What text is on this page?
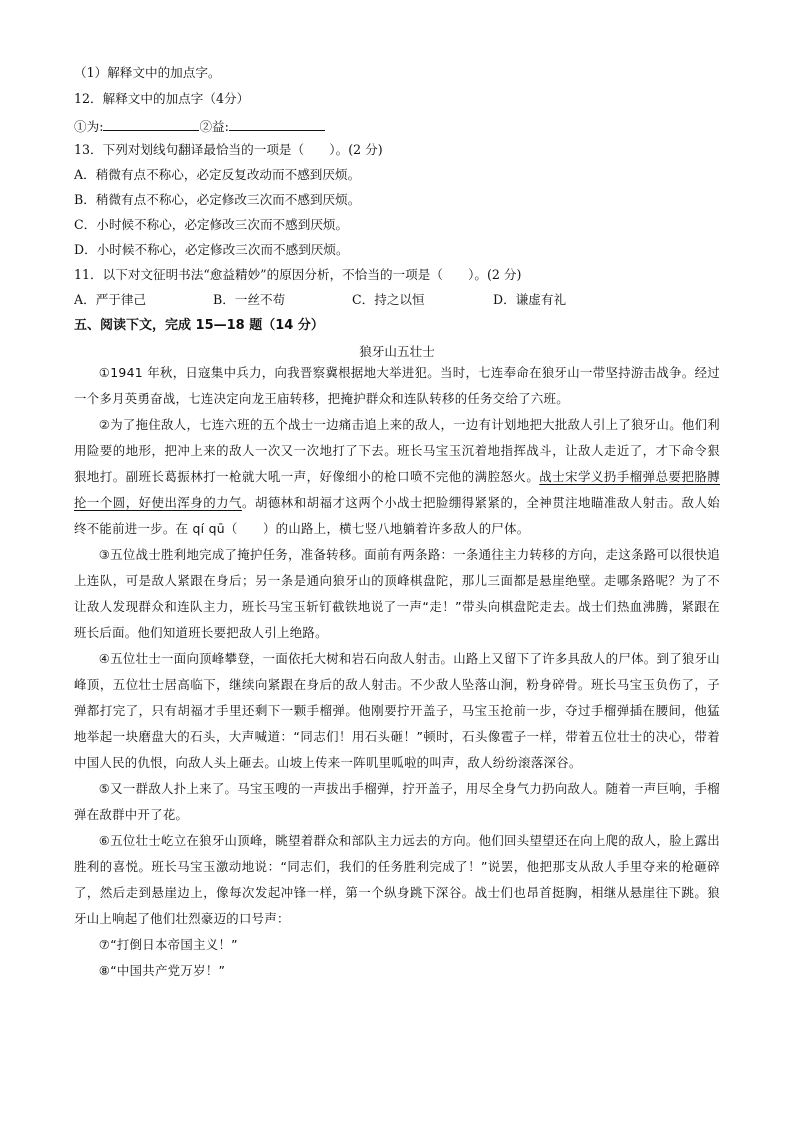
（1）解释文中的加点字。
12．解释文中的加点字（4分）
①为:	②益:
13．下列对划线句翻译最恰当的一项是（　　）。(2 分)
A．稍微有点不称心，必定反复改动而不感到厌烦。
B．稍微有点不称心，必定修改三次而不感到厌烦。
C．小时候不称心，必定修改三次而不感到厌烦。
D．小时候不称心，必定修改三次而不感到厌烦。
11．以下对文征明书法“愈益精妙”的原因分析，不恰当的一项是（　　）。(2 分)
A．严于律己	B．一丝不苟	C．持之以恒	D．谦虚有礼
五、阅读下文，完成 15—18 题（14 分）
狼牙山五壮士

①1941 年秋，日寇集中兵力，向我晋察冀根据地大举进犯。当时，七连奉命在狼牙山一带坚持游击战争。经过一个多月英勇奋战，七连决定向龙王庙转移，把掩护群众和连队转移的任务交给了六班。

②为了拖住敌人，七连六班的五个战士一边痛击追上来的敌人，一边有计划地把大批敌人引上了狼牙山。他们利用险要的地形，把冲上来的敌人一次又一次地打了下去。班长马宝玉沉着地指挥战斗，让敌人走近了，才下命令狠狠地打。副班长葛振林打一枪就大吼一声，好像细小的枪口喷不完他的满腔怒火。战士宋学义扔手榴弹总要把胳膊抡一个圆，好使出浑身的力气。胡德林和胡福才这两个小战士把脸绷得紧紧的，全神贯注地瞄准敌人射击。敌人始终不能前进一步。在 qí qū（　　）的山路上，横七竖八地躺着许多敌人的尸体。

③五位战士胜利地完成了掩护任务，准备转移。面前有两条路：一条通往主力转移的方向，走这条路可以很快追上连队，可是敌人紧跟在身后；另一条是通向狼牙山的顶峰棋盘陀，那儿三面都是悬崖绝壁。走哪条路呢？为了不让敌人发现群众和连队主力，班长马宝玉斩钉截铁地说了一声“走！”带头向棋盘陀走去。战士们热血沸腾，紧跟在班长后面。他们知道班长要把敌人引上绝路。

④五位壮士一面向顶峰攀登，一面依托大树和岩石向敌人射击。山路上又留下了许多具敌人的尸体。到了狼牙山峰顶，五位壮士居高临下，继续向紧跟在身后的敌人射击。不少敌人坠落山涧，粉身碎骨。班长马宝玉负伤了，子弹都打完了，只有胡福才手里还剩下一颗手榴弹。他刚要拧开盖子，马宝玉抢前一步，夺过手榴弹插在腰间，他猛地举起一块磨盘大的石头，大声喊道：“同志们！用石头砸！”顿时，石头像雹子一样，带着五位壮士的决心，带着中国人民的仇恨，向敌人头上砸去。山坡上传来一阵叽里呱啦的叫声，敌人纷纷滚落深谷。

⑤又一群敌人扑上来了。马宝玉嗖的一声拔出手榴弹，拧开盖子，用尽全身气力扔向敌人。随着一声巨响，手榴弹在敌群中开了花。

⑥五位壮士屹立在狼牙山顶峰，眺望着群众和部队主力远去的方向。他们回头望望还在向上爬的敌人，脸上露出胜利的喜悦。班长马宝玉激动地说：“同志们，我们的任务胜利完成了！”说罢，他把那支从敌人手里夺来的枪砸碎了，然后走到悬崖边上，像每次发起冲锋一样，第一个纵身跳下深谷。战士们也昂首挺胸，相继从悬崖往下跳。狼牙山上响起了他们壮烈豪迈的口号声：

⑦“打倒日本帝国主义！”

⑧“中国共产党万岁！”
